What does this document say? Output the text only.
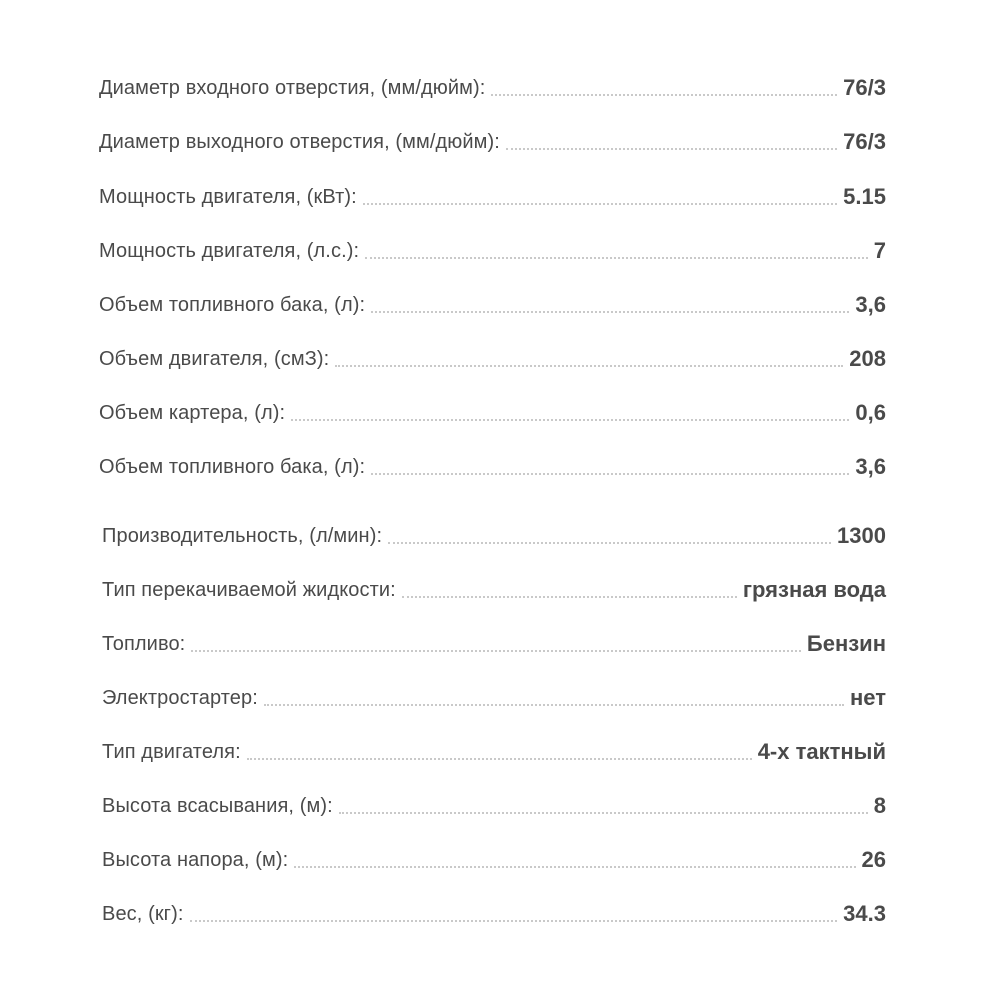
Диаметр входного отверстия, (мм/дюйм):	76/3
Диаметр выходного отверстия, (мм/дюйм):	76/3
Мощность двигателя, (кВт):	5.15
Мощность двигателя, (л.с.):	7
Объем топливного бака, (л):	3,6
Объем двигателя, (смЗ):	208
Объем картера, (л):	0,6
Объем топливного бака, (л):	3,6
Производительность, (л/мин):	1300
Тип перекачиваемой жидкости:	грязная вода
Топливо:	Бензин
Электростартер:	нет
Тип двигателя:	4-х тактный
Высота всасывания, (м):	8
Высота напора, (м):	26
Вес, (кг):	34.3
